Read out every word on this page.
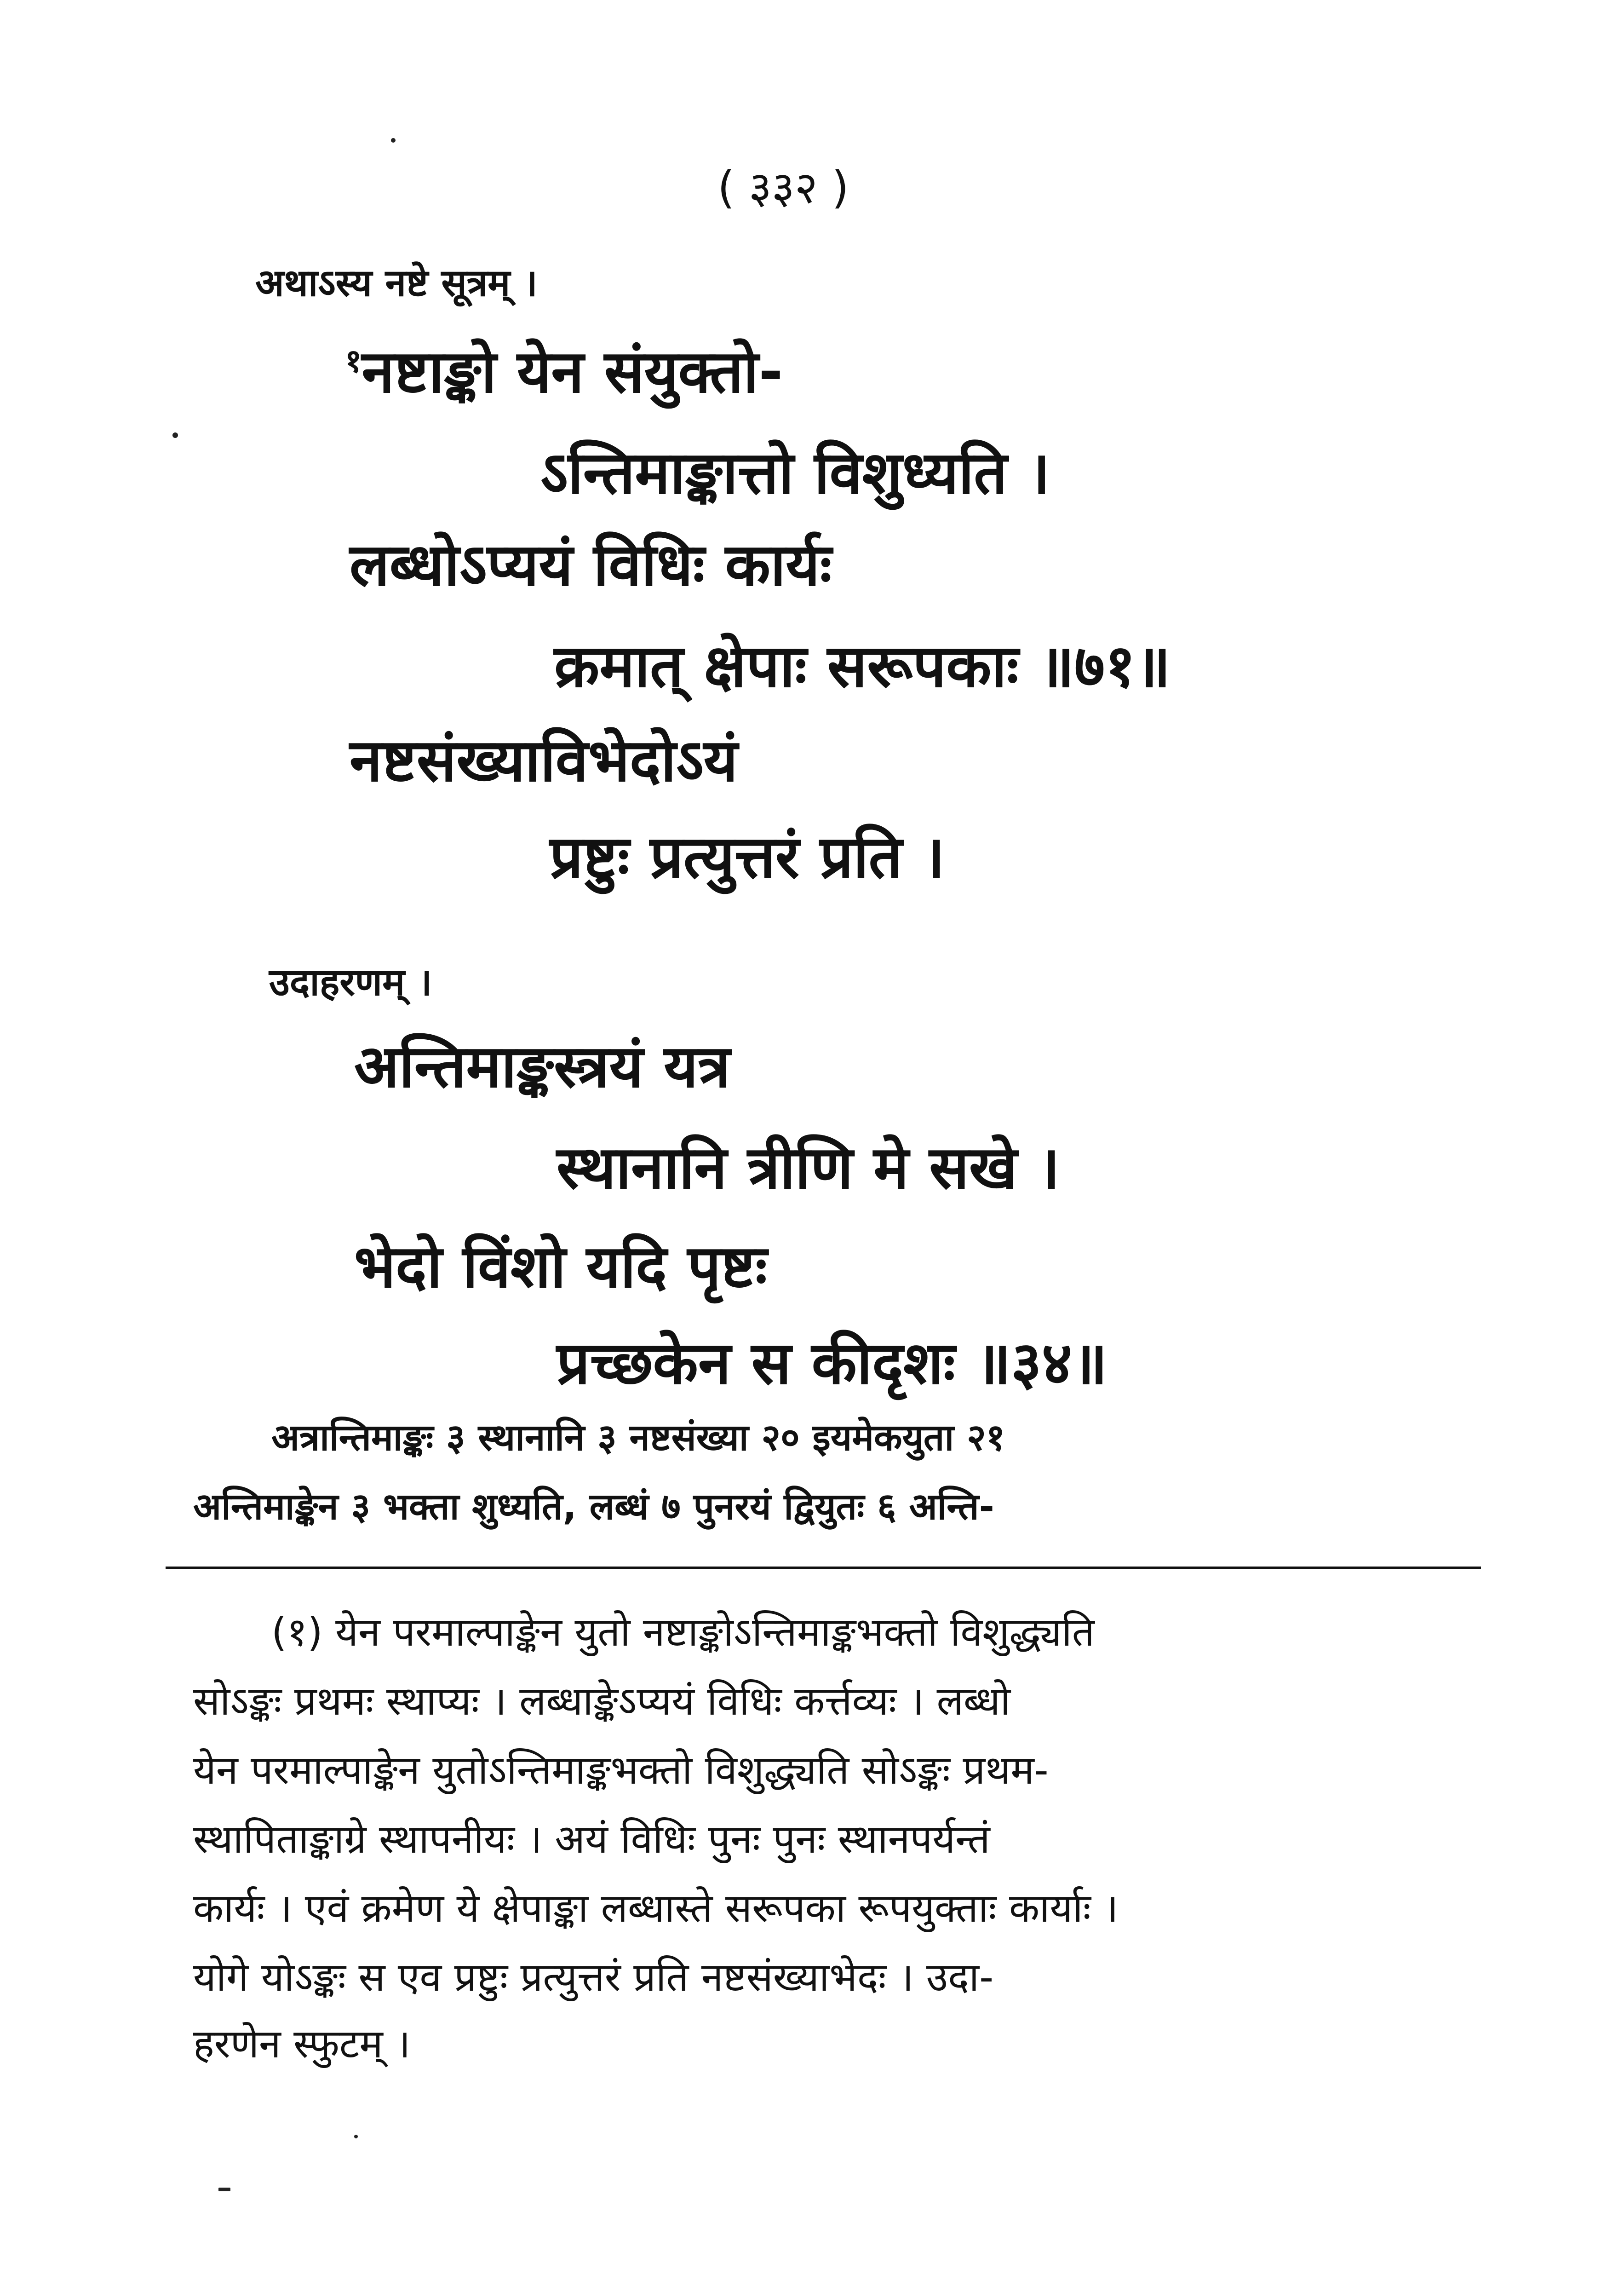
( ३३२ )
अथाऽस्य नष्टे सूत्रम् ।
$^१$नष्टाङ्को येन संयुक्तो-
ऽन्तिमाङ्कात्तो विशुध्यति ।
लब्धोऽप्ययं विधिः कार्यः
क्रमात् क्षेपाः सरूपकाः ॥७१॥
नष्टसंख्याविभेदोऽयं
प्रष्टुः प्रत्युत्तरं प्रति ।
उदाहरणम् ।
अन्तिमाङ्कस्त्रयं यत्र
स्थानानि त्रीणि मे सखे ।
भेदो विंशो यदि पृष्टः
प्रच्छकेन स कीदृशः ॥३४॥
अत्रान्तिमाङ्कः ३ स्थानानि ३ नष्टसंख्या २० इयमेकयुता २१
अन्तिमाङ्केन ३ भक्ता शुध्यति, लब्धं ७ पुनरयं द्वियुतः ६ अन्ति-
(१) येन परमाल्पाङ्केन युतो नष्टाङ्कोऽन्तिमाङ्कभक्तो विशुद्ध्यति
सोऽङ्कः प्रथमः स्थाप्यः । लब्धाङ्केऽप्ययं विधिः कर्त्तव्यः । लब्धो
येन परमाल्पाङ्केन युतोऽन्तिमाङ्कभक्तो विशुद्ध्यति सोऽङ्कः प्रथम-
स्थापिताङ्काग्रे स्थापनीयः । अयं विधिः पुनः पुनः स्थानपर्यन्तं
कार्यः । एवं क्रमेण ये क्षेपाङ्का लब्धास्ते सरूपका रूपयुक्ताः कार्याः ।
योगे योऽङ्कः स एव प्रष्टुः प्रत्युत्तरं प्रति नष्टसंख्याभेदः । उदा-
हरणेन स्फुटम् ।
